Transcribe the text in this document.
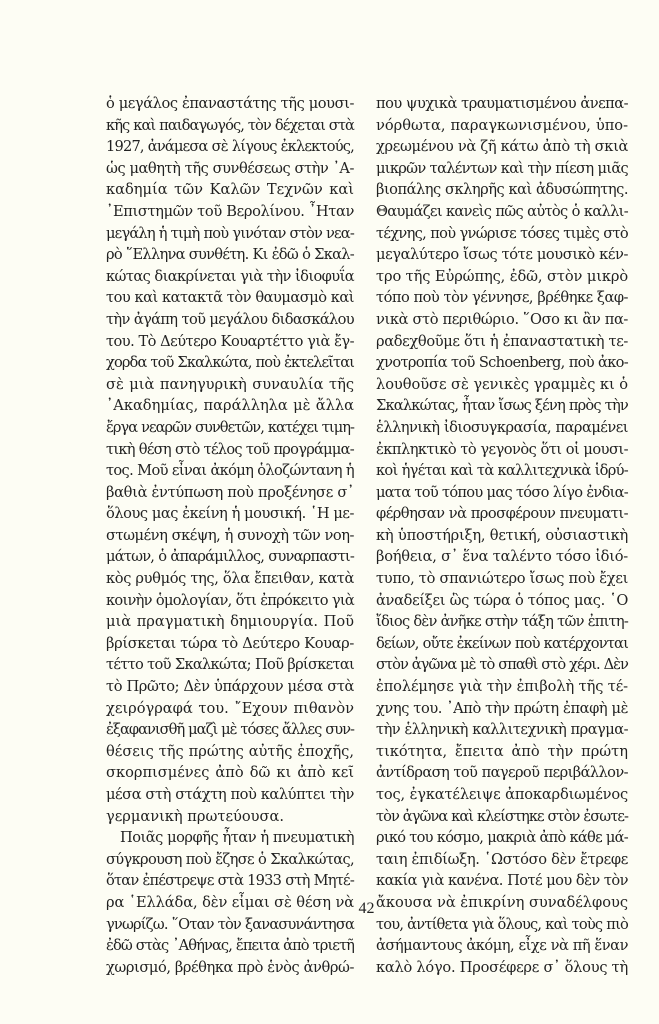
ὁ μεγάλος ἐπαναστάτης τῆς μουσι-
κῆς καὶ παιδαγωγός, τὸν δέχεται στὰ
1927, ἀνάμεσα σὲ λίγους ἐκλεκτούς,
ὡς μαθητὴ τῆς συνθέσεως στὴν ᾿Α-
καδημία τῶν Καλῶν Τεχνῶν καὶ
᾿Επιστημῶν τοῦ Βερολίνου. ῏Ηταν
μεγάλη ἡ τιμὴ ποὺ γινόταν στὸν νεα-
ρὸ ῞Ελληνα συνθέτη. Κι ἐδῶ ὁ Σκαλ-
κώτας διακρίνεται γιὰ τὴν ἰδιοφυΐα
του καὶ κατακτᾶ τὸν θαυμασμὸ καὶ
τὴν ἀγάπη τοῦ μεγάλου διδασκάλου
του. Τὸ Δεύτερο Κουαρτέττο γιὰ ἔγ-
χορδα τοῦ Σκαλκώτα, ποὺ ἐκτελεῖται
σὲ μιὰ πανηγυρικὴ συναυλία τῆς
᾿Ακαδημίας, παράλληλα μὲ ἄλλα
ἔργα νεαρῶν συνθετῶν, κατέχει τιμη-
τικὴ θέση στὸ τέλος τοῦ προγράμμα-
τος. Μοῦ εἶναι ἀκόμη ὁλοζώντανη ἡ
βαθιὰ ἐντύπωση ποὺ προξένησε σ᾿
ὅλους μας ἐκείνη ἡ μουσική. ῾Η με-
στωμένη σκέψη, ἡ συνοχὴ τῶν νοη-
μάτων, ὁ ἀπαράμιλλος, συναρπαστι-
κὸς ρυθμός της, ὅλα ἔπειθαν, κατὰ
κοινὴν ὁμολογίαν, ὅτι ἐπρόκειτο γιὰ
μιὰ πραγματικὴ δημιουργία. Ποῦ
βρίσκεται τώρα τὸ Δεύτερο Κουαρ-
τέττο τοῦ Σκαλκώτα; Ποῦ βρίσκεται
τὸ Πρῶτο; Δὲν ὑπάρχουν μέσα στὰ
χειρόγραφά του. ῎Εχουν πιθανὸν
ἐξαφανισθῆ μαζὶ μὲ τόσες ἄλλες συν-
θέσεις τῆς πρώτης αὐτῆς ἐποχῆς,
σκορπισμένες ἀπὸ δῶ κι ἀπὸ κεῖ
μέσα στὴ στάχτη ποὺ καλύπτει τὴν
γερμανικὴ πρωτεύουσα.
Ποιᾶς μορφῆς ἦταν ἡ πνευματικὴ
σύγκρουση ποὺ ἔζησε ὁ Σκαλκώτας,
ὅταν ἐπέστρεψε στὰ 1933 στὴ Μητέ-
ρα ῾Ελλάδα, δὲν εἶμαι σὲ θέση νὰ
γνωρίζω. ῞Οταν τὸν ξανασυνάντησα
ἐδῶ στὰς ᾿Αθήνας, ἔπειτα ἀπὸ τριετῆ
χωρισμό, βρέθηκα πρὸ ἑνὸς ἀνθρώ-
που ψυχικὰ τραυματισμένου ἀνεπα-
νόρθωτα, παραγκωνισμένου, ὑπο-
χρεωμένου νὰ ζῆ κάτω ἀπὸ τὴ σκιὰ
μικρῶν ταλέντων καὶ τὴν πίεση μιᾶς
βιοπάλης σκληρῆς καὶ ἀδυσώπητης.
Θαυμάζει κανεὶς πῶς αὐτὸς ὁ καλλι-
τέχνης, ποὺ γνώρισε τόσες τιμὲς στὸ
μεγαλύτερο ἴσως τότε μουσικὸ κέν-
τρο τῆς Εὐρώπης, ἐδῶ, στὸν μικρὸ
τόπο ποὺ τὸν γέννησε, βρέθηκε ξαφ-
νικὰ στὸ περιθώριο. ῞Οσο κι ἂν πα-
ραδεχθοῦμε ὅτι ἡ ἐπαναστατικὴ τε-
χνοτροπία τοῦ Schoenberg, ποὺ ἀκο-
λουθοῦσε σὲ γενικὲς γραμμὲς κι ὁ
Σκαλκώτας, ἦταν ἴσως ξένη πρὸς τὴν
ἑλληνικὴ ἰδιοσυγκρασία, παραμένει
ἐκπληκτικὸ τὸ γεγονὸς ὅτι οἱ μουσι-
κοὶ ἡγέται καὶ τὰ καλλιτεχνικὰ ἱδρύ-
ματα τοῦ τόπου μας τόσο λίγο ἐνδια-
φέρθησαν νὰ προσφέρουν πνευματι-
κὴ ὑποστήριξη, θετική, οὐσιαστικὴ
βοήθεια, σ᾿ ἕνα ταλέντο τόσο ἰδιό-
τυπο, τὸ σπανιώτερο ἴσως ποὺ ἔχει
ἀναδείξει ὣς τώρα ὁ τόπος μας. ῾Ο
ἴδιος δὲν ἀνῆκε στὴν τάξη τῶν ἐπιτη-
δείων, οὔτε ἐκείνων ποὺ κατέρχονται
στὸν ἀγῶνα μὲ τὸ σπαθὶ στὸ χέρι. Δὲν
ἐπολέμησε γιὰ τὴν ἐπιβολὴ τῆς τέ-
χνης του. ᾿Απὸ τὴν πρώτη ἐπαφὴ μὲ
τὴν ἑλληνικὴ καλλιτεχνικὴ πραγμα-
τικότητα, ἔπειτα ἀπὸ τὴν πρώτη
ἀντίδραση τοῦ παγεροῦ περιβάλλον-
τος, ἐγκατέλειψε ἀποκαρδιωμένος
τὸν ἀγῶνα καὶ κλείστηκε στὸν ἐσωτε-
ρικό του κόσμο, μακριὰ ἀπὸ κάθε μά-
ταιη ἐπιδίωξη. ῾Ωστόσο δὲν ἔτρεφε
κακία γιὰ κανένα. Ποτέ μου δὲν τὸν
ἄκουσα νὰ ἐπικρίνη συναδέλφους
του, ἀντίθετα γιὰ ὅλους, καὶ τοὺς πιὸ
ἀσήμαντους ἀκόμη, εἶχε νὰ πῆ ἕναν
καλὸ λόγο. Προσέφερε σ᾿ ὅλους τὴ
42
